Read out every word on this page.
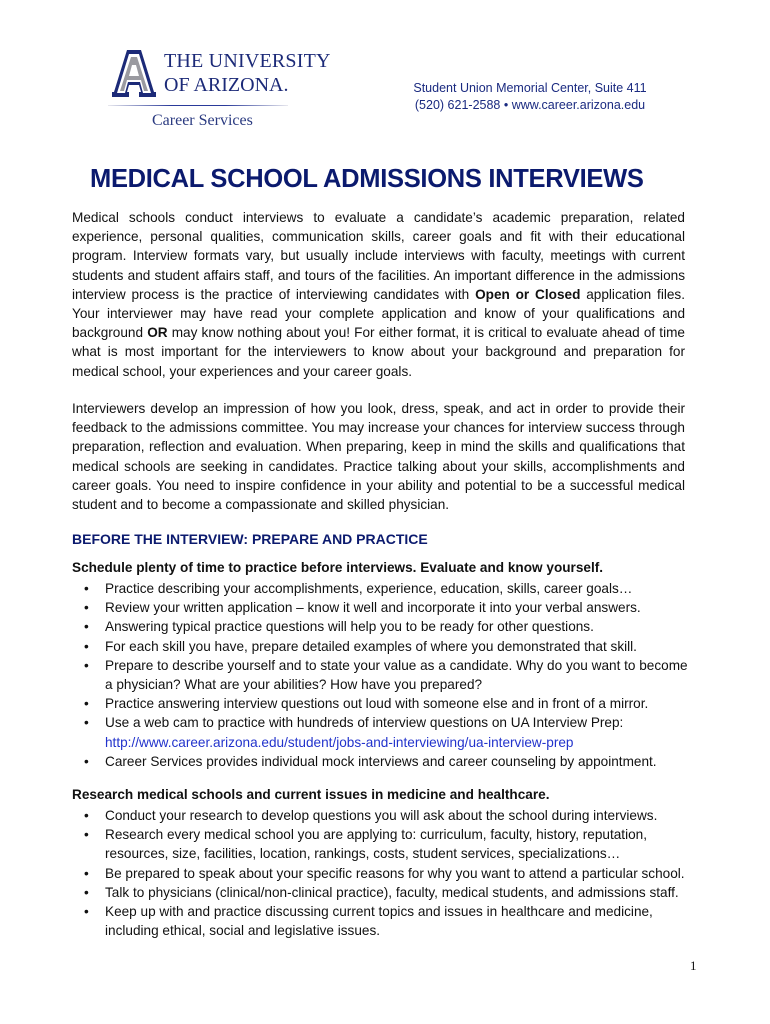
THE UNIVERSITY
OF ARIZONA.
Career Services
Student Union Memorial Center, Suite 411
(520) 621-2588 • www.career.arizona.edu
MEDICAL SCHOOL ADMISSIONS INTERVIEWS
Medical schools conduct interviews to evaluate a candidate’s academic preparation, related experience, personal qualities, communication skills, career goals and fit with their educational program. Interview formats vary, but usually include interviews with faculty, meetings with current students and student affairs staff, and tours of the facilities. An important difference in the admissions interview process is the practice of interviewing candidates with Open or Closed application files. Your interviewer may have read your complete application and know of your qualifications and background OR may know nothing about you! For either format, it is critical to evaluate ahead of time what is most important for the interviewers to know about your background and preparation for medical school, your experiences and your career goals.
Interviewers develop an impression of how you look, dress, speak, and act in order to provide their feedback to the admissions committee. You may increase your chances for interview success through preparation, reflection and evaluation. When preparing, keep in mind the skills and qualifications that medical schools are seeking in candidates. Practice talking about your skills, accomplishments and career goals. You need to inspire confidence in your ability and potential to be a successful medical student and to become a compassionate and skilled physician.
BEFORE THE INTERVIEW: PREPARE AND PRACTICE
Schedule plenty of time to practice before interviews. Evaluate and know yourself.
• Practice describing your accomplishments, experience, education, skills, career goals…
• Review your written application – know it well and incorporate it into your verbal answers.
• Answering typical practice questions will help you to be ready for other questions.
• For each skill you have, prepare detailed examples of where you demonstrated that skill.
• Prepare to describe yourself and to state your value as a candidate. Why do you want to become a physician? What are your abilities? How have you prepared?
• Practice answering interview questions out loud with someone else and in front of a mirror.
• Use a web cam to practice with hundreds of interview questions on UA Interview Prep:
http://www.career.arizona.edu/student/jobs-and-interviewing/ua-interview-prep
• Career Services provides individual mock interviews and career counseling by appointment.
Research medical schools and current issues in medicine and healthcare.
• Conduct your research to develop questions you will ask about the school during interviews.
• Research every medical school you are applying to: curriculum, faculty, history, reputation, resources, size, facilities, location, rankings, costs, student services, specializations…
• Be prepared to speak about your specific reasons for why you want to attend a particular school.
• Talk to physicians (clinical/non-clinical practice), faculty, medical students, and admissions staff.
• Keep up with and practice discussing current topics and issues in healthcare and medicine, including ethical, social and legislative issues.
1
